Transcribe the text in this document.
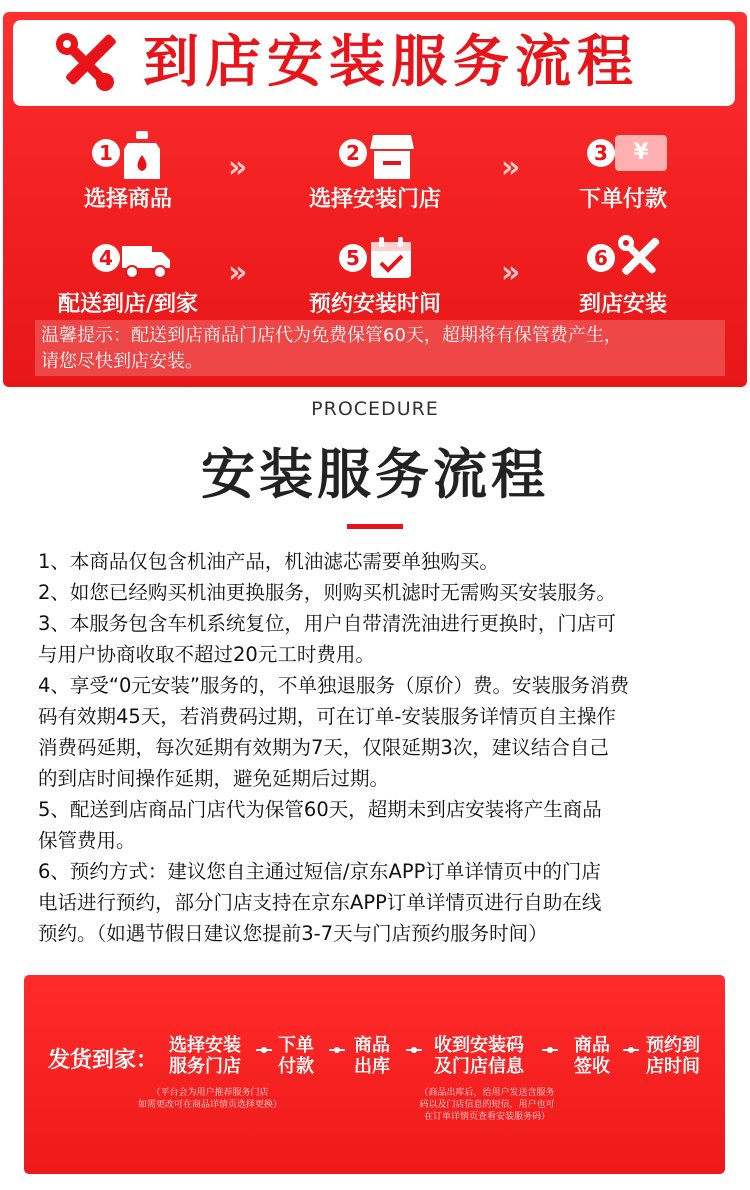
到店安装服务流程
1
选择商品
»	2
选择安装门店
»	3	¥
下单付款
4
配送到店/到家
»	5
预约安装时间
»	6
到店安装
温馨提示：配送到店商品门店代为免费保管60天，超期将有保管费产生，
请您尽快到店安装。
PROCEDURE
安装服务流程

1、本商品仅包含机油产品，机油滤芯需要单独购买。

2、如您已经购买机油更换服务，则购买机滤时无需购买安装服务。

3、本服务包含车机系统复位，用户自带清洗油进行更换时，门店可

与用户协商收取不超过20元工时费用。

4、享受“0元安装”服务的，不单独退服务（原价）费。安装服务消费

码有效期45天，若消费码过期，可在订单-安装服务详情页自主操作

消费码延期，每次延期有效期为7天，仅限延期3次，建议结合自己

的到店时间操作延期，避免延期后过期。

5、配送到店商品门店代为保管60天，超期未到店安装将产生商品

保管费用。

6、预约方式：建议您自主通过短信/京东APP订单详情页中的门店

电话进行预约，部分门店支持在京东APP订单详情页进行自助在线

预约。（如遇节假日建议您提前3-7天与门店预约服务时间）

发货到家：
选择安装
服务门店
下单
付款
商品
出库
收到安装码
及门店信息
商品
签收
预约到
店时间
（平台会为用户推荐服务门店
如需更改可在商品详情页选择更换）
（商品出库后，给用户发送含服务
码以及门店信息的短信，用户也可
在订单详情页查看安装服务码）
